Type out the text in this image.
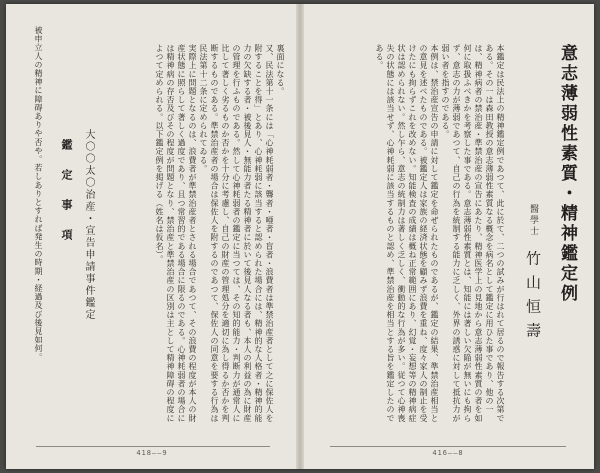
被申立人の精神に障碍ありや否や。若しありとすれば発生の時期・経過及び後見如何。 鑑　定　事　項	大〇〇太〇治産・宣告申請事件鑑定
裏面になる。
又、民法第十一条には「心神耗弱者・聾者・唖者・盲者・浪費者は準禁治産者として之に保佐人を附することを得」とあり、心神耗弱に該当すると認められた場合には、精神的な人格者・精神的能力の欠缺する者・被後見人・無能力者たる精神者に於いて後見人なる者も、本人の利益の為に財産の管理を行ふものである。然して心神耗弱者の鑑定に当つては、その知的能力・判断力が通常人に比して著しく劣るものか否かを十分に考慮し、自己の財産の管理処分を適切に為し得るか否かを判断するものである。準禁治産者の場合は保佐人を附するのであつて、保佐人の同意を要する行為は民法第十二条に定められてゐる。
実際上に問題となるのは、浪費者が準禁治産者とされる場合であつて、その浪費の程度が本人の財産状態に照らして著しく過度であり、且つ常習的である場合に限るのである。心神耗弱者の場合には精神病の存否及びその程度が問題となり、禁治産と準禁治産の区別は主として精神障碍の程度によつて定められる。以下鑑定例を掲げる（姓名は仮名）。
418——9
本鑑定は民法上の精神鑑定例であつて、此に於て、二つの試みが行はれて居るので報告する次第である。その一は森田教授の意志薄弱性素質なる概念を病名として鑑定に用ひた事であり、他の一は、精神病者の禁治産・準禁治産の宣告にあたり、精神医学上の見地から意志薄弱性素質の者を如何に取扱ふべきかを考察した事である。意志薄弱性素質とは、知能には著しい欠陥が無いにも拘らず、意志の力が薄弱であつて、自己の行為を統制する能力に乏しく、外界の誘惑に対して抵抗力が弱い者を指すのである。
本例は、禁治産宣告の申請に対して鑑定を命ぜられたものであるが、鑑定の結果、準禁治産相当との意見を述べたものである。被鑑定人は家族の経済状態を顧みず浪費を重ね、度々家人の制止を受けたにも拘らずこれを改めない。知能検査の成績は概ね正常範囲にあり、幻覚・妄想等の精神病症状は認められない。然し乍ら、意志の統制力は著しく乏しく、衝動的な行為が多い。従つて心神喪失の状態には該当せず、心神耗弱に該当するものと認め、準禁治産を相当とする旨を鑑定したのである。
醫學士 竹山恒壽 意志薄弱性素質・精神鑑定例
416——8
